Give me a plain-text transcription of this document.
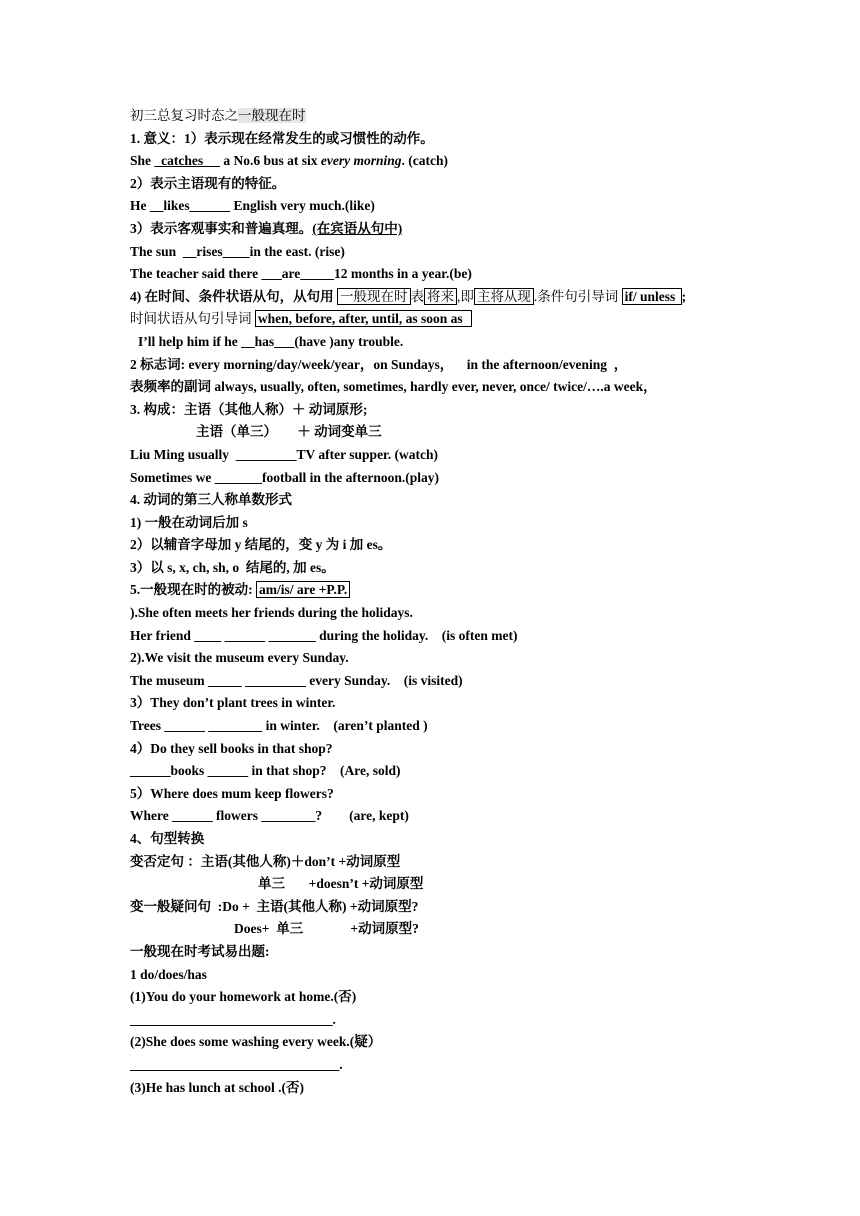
初三总复习时态之一般现在时
1. 意义：1）表示现在经常发生的或习惯性的动作。
She   catches      a No.6 bus at six every morning. (catch)
2）表示主语现有的特征。
He __likes______ English very much.(like)
3）表示客观事实和普遍真理。(在宾语从句中)
The sun  __rises____in the east. (rise)
The teacher said there ___are_____12 months in a year.(be)
4) 在时间、条件状语从句，从句用 一般现在时 表 将来 ,即 主将从现 .条件句引导词 if/ unless ;
时间状语从句引导词 when, before, after, until, as soon as
I’ll help him if he __has___(have )any trouble.
2 标志词: every morning/day/week/year，on Sundays，    in the afternoon/evening  ，
表频率的副词 always, usually, often, sometimes, hardly ever, never, once/ twice/….a week，
3. 构成：主语（其他人称）＋ 动词原形;
主语（单三）      ＋ 动词变单三
Liu Ming usually  _________TV after supper. (watch)
Sometimes we _______football in the afternoon.(play)
4. 动词的第三人称单数形式
1) 一般在动词后加 s
2）以辅音字母加 y 结尾的，变 y 为 i 加 es。
3）以 s, x, ch, sh, o  结尾的, 加 es。
5.一般现在时的被动: am/is/ are +P.P.
).She often meets her friends during the holidays.
Her friend ____ ______ _______ during the holiday.    (is often met)
2).We visit the museum every Sunday.
The museum _____ _________ every Sunday.    (is visited)
3）They don’t plant trees in winter.
Trees ______ ________ in winter.    (aren’t planted )
4）Do they sell books in that shop?
______books ______ in that shop?    (Are, sold)
5）Where does mum keep flowers?
Where ______ flowers ________?        (are, kept)
4、句型转换
变否定句 ：主语(其他人称)＋don’t +动词原型
单三       +doesn’t +动词原型
变一般疑问句  :Do +  主语(其他人称) +动词原型?
Does+  单三              +动词原型?
一般现在时考试易出题:
1 do/does/has
(1)You do your homework at home.(否)
______________________________.
(2)She does some washing every week.(疑）
_______________________________.
(3)He has lunch at school .(否)
